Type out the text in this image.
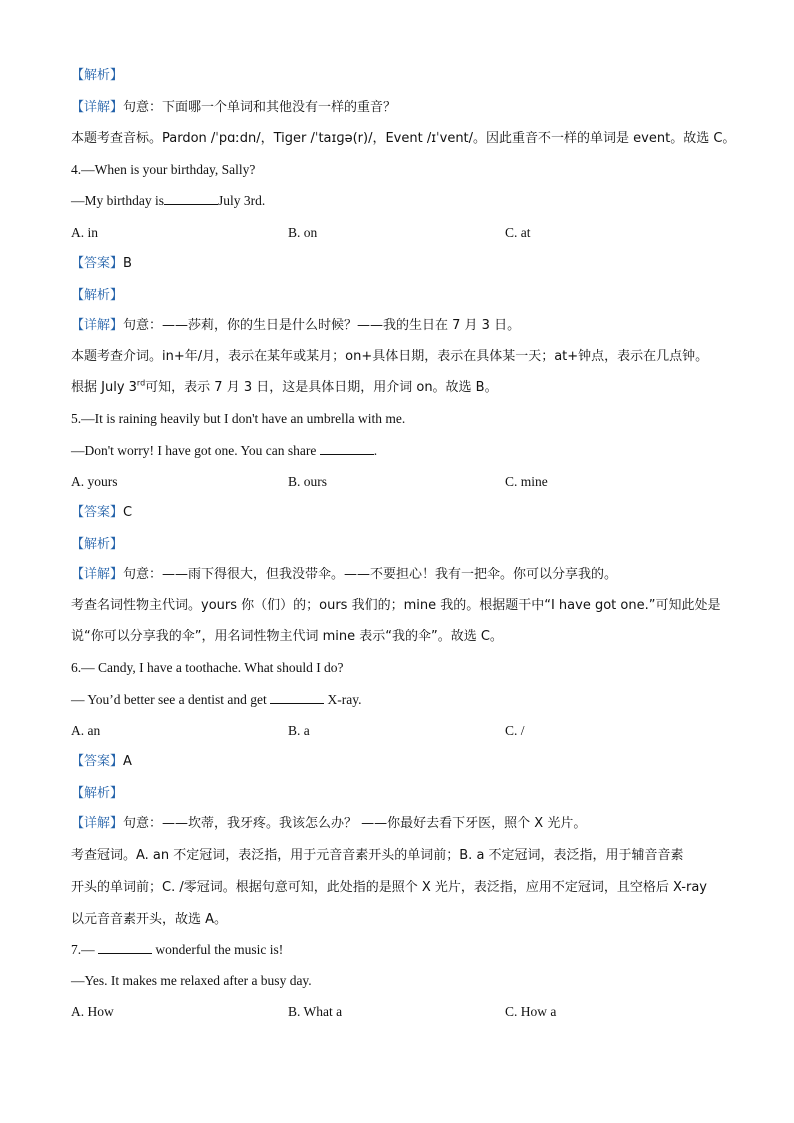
【解析】
【详解】句意：下面哪一个单词和其他没有一样的重音？
本题考查音标。Pardon /ˈpɑːdn/，Tiger /ˈtaɪɡə(r)/，Event /ɪˈvent/。因此重音不一样的单词是 event。故选 C。
4.—When is your birthday, Sally?
—My birthday is	July 3rd.
A. in	B. on	C. at
【答案】B
【解析】
【详解】句意：——莎莉，你的生日是什么时候？——我的生日在 7 月 3 日。
本题考查介词。in+年/月，表示在某年或某月；on+具体日期，表示在具体某一天；at+钟点，表示在几点钟。
根据 July 3rd可知，表示 7 月 3 日，这是具体日期，用介词 on。故选 B。
5.—It is raining heavily but I don't have an umbrella with me.
—Don't worry! I have got one. You can share	.
A. yours	B. ours	C. mine
【答案】C
【解析】
【详解】句意：——雨下得很大，但我没带伞。——不要担心！我有一把伞。你可以分享我的。
考查名词性物主代词。yours 你（们）的；ours 我们的；mine 我的。根据题干中“I have got one.”可知此处是
说“你可以分享我的伞”，用名词性物主代词 mine 表示“我的伞”。故选 C。
6.— Candy, I have a toothache. What should I do?
— You’d better see a dentist and get	X-ray.
A. an	B. a	C. /
【答案】A
【解析】
【详解】句意：——坎蒂，我牙疼。我该怎么办？ ——你最好去看下牙医，照个 X 光片。
考查冠词。A. an 不定冠词，表泛指，用于元音音素开头的单词前；B. a 不定冠词，表泛指，用于辅音音素
开头的单词前；C. /零冠词。根据句意可知，此处指的是照个 X 光片，表泛指，应用不定冠词，且空格后 X-ray
以元音音素开头，故选 A。
7.—	wonderful the music is!
—Yes. It makes me relaxed after a busy day.
A. How	B. What a	C. How a
